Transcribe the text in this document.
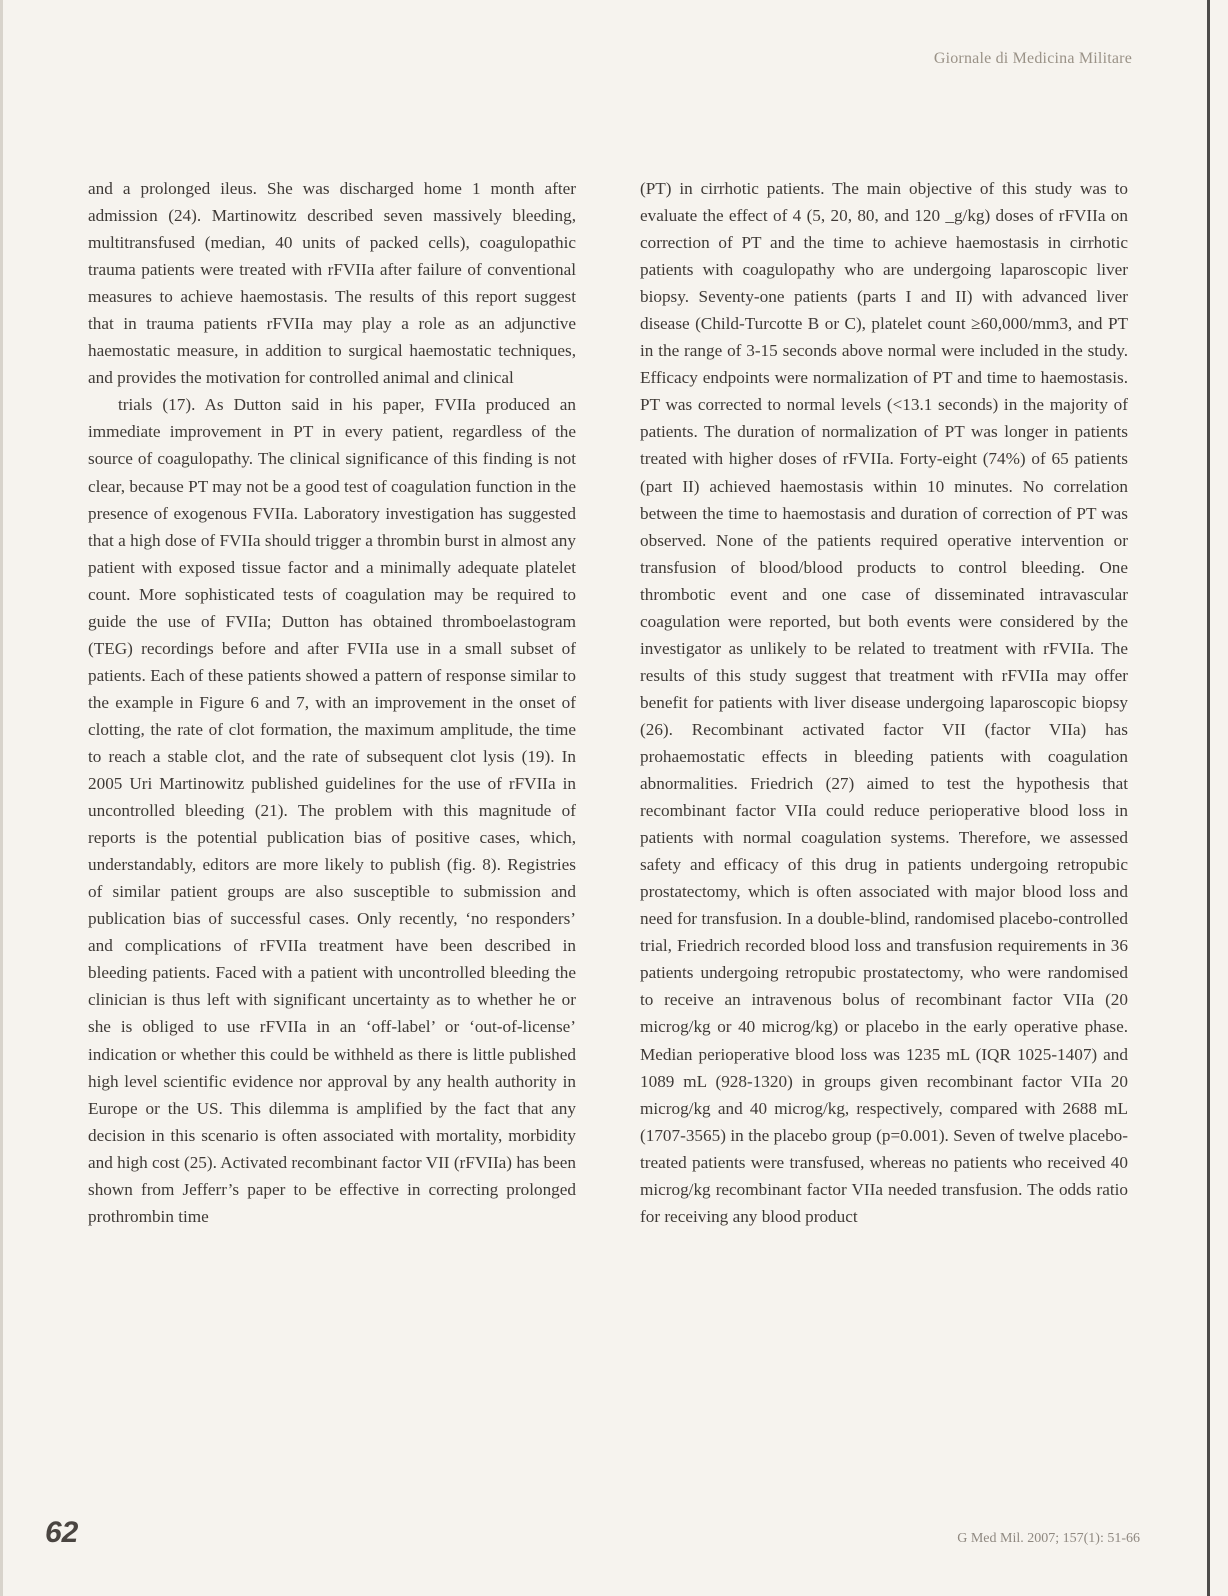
Giornale di Medicina Militare

and a prolonged ileus. She was discharged home 1 month after admission (24). Martinowitz described seven massively bleeding, multitransfused (median, 40 units of packed cells), coagulopathic trauma patients were treated with rFVIIa after failure of conventional measures to achieve haemostasis. The results of this report suggest that in trauma patients rFVIIa may play a role as an adjunctive haemostatic measure, in addition to surgical haemostatic techniques, and provides the motivation for controlled animal and clinical

trials (17). As Dutton said in his paper, FVIIa produced an immediate improvement in PT in every patient, regardless of the source of coagulopathy. The clinical significance of this finding is not clear, because PT may not be a good test of coagulation function in the presence of exogenous FVIIa. Laboratory investigation has suggested that a high dose of FVIIa should trigger a thrombin burst in almost any patient with exposed tissue factor and a minimally adequate platelet count. More sophisticated tests of coagulation may be required to guide the use of FVIIa; Dutton has obtained thromboelastogram (TEG) recordings before and after FVIIa use in a small subset of patients. Each of these patients showed a pattern of response similar to the example in Figure 6 and 7, with an improvement in the onset of clotting, the rate of clot formation, the maximum amplitude, the time to reach a stable clot, and the rate of subsequent clot lysis (19). In 2005 Uri Martinowitz published guidelines for the use of rFVIIa in uncontrolled bleeding (21). The problem with this magnitude of reports is the potential publication bias of positive cases, which, understandably, editors are more likely to publish (fig. 8). Registries of similar patient groups are also susceptible to submission and publication bias of successful cases. Only recently, ‘no responders’ and complications of rFVIIa treatment have been described in bleeding patients. Faced with a patient with uncontrolled bleeding the clinician is thus left with significant uncertainty as to whether he or she is obliged to use rFVIIa in an ‘off-label’ or ‘out-of-license’ indication or whether this could be withheld as there is little published high level scientific evidence nor approval by any health authority in Europe or the US. This dilemma is amplified by the fact that any decision in this scenario is often associated with mortality, morbidity and high cost (25). Activated recombinant factor VII (rFVIIa) has been shown from Jefferr’s paper to be effective in correcting prolonged prothrombin time

(PT) in cirrhotic patients. The main objective of this study was to evaluate the effect of 4 (5, 20, 80, and 120 _g/kg) doses of rFVIIa on correction of PT and the time to achieve haemostasis in cirrhotic patients with coagulopathy who are undergoing laparoscopic liver biopsy. Seventy-one patients (parts I and II) with advanced liver disease (Child-Turcotte B or C), platelet count ≥60,000/mm3, and PT in the range of 3-15 seconds above normal were included in the study. Efficacy endpoints were normalization of PT and time to haemostasis. PT was corrected to normal levels (<13.1 seconds) in the majority of patients. The duration of normalization of PT was longer in patients treated with higher doses of rFVIIa. Forty-eight (74%) of 65 patients (part II) achieved haemostasis within 10 minutes. No correlation between the time to haemostasis and duration of correction of PT was observed. None of the patients required operative intervention or transfusion of blood/blood products to control bleeding. One thrombotic event and one case of disseminated intravascular coagulation were reported, but both events were considered by the investigator as unlikely to be related to treatment with rFVIIa. The results of this study suggest that treatment with rFVIIa may offer benefit for patients with liver disease undergoing laparoscopic biopsy (26). Recombinant activated factor VII (factor VIIa) has prohaemostatic effects in bleeding patients with coagulation abnormalities. Friedrich (27) aimed to test the hypothesis that recombinant factor VIIa could reduce perioperative blood loss in patients with normal coagulation systems. Therefore, we assessed safety and efficacy of this drug in patients undergoing retropubic prostatectomy, which is often associated with major blood loss and need for transfusion. In a double-blind, randomised placebo-controlled trial, Friedrich recorded blood loss and transfusion requirements in 36 patients undergoing retropubic prostatectomy, who were randomised to receive an intravenous bolus of recombinant factor VIIa (20 microg/kg or 40 microg/kg) or placebo in the early operative phase. Median perioperative blood loss was 1235 mL (IQR 1025-1407) and 1089 mL (928-1320) in groups given recombinant factor VIIa 20 microg/kg and 40 microg/kg, respectively, compared with 2688 mL (1707-3565) in the placebo group (p=0.001). Seven of twelve placebo-treated patients were transfused, whereas no patients who received 40 microg/kg recombinant factor VIIa needed transfusion. The odds ratio for receiving any blood product

62	G Med Mil. 2007; 157(1): 51-66
